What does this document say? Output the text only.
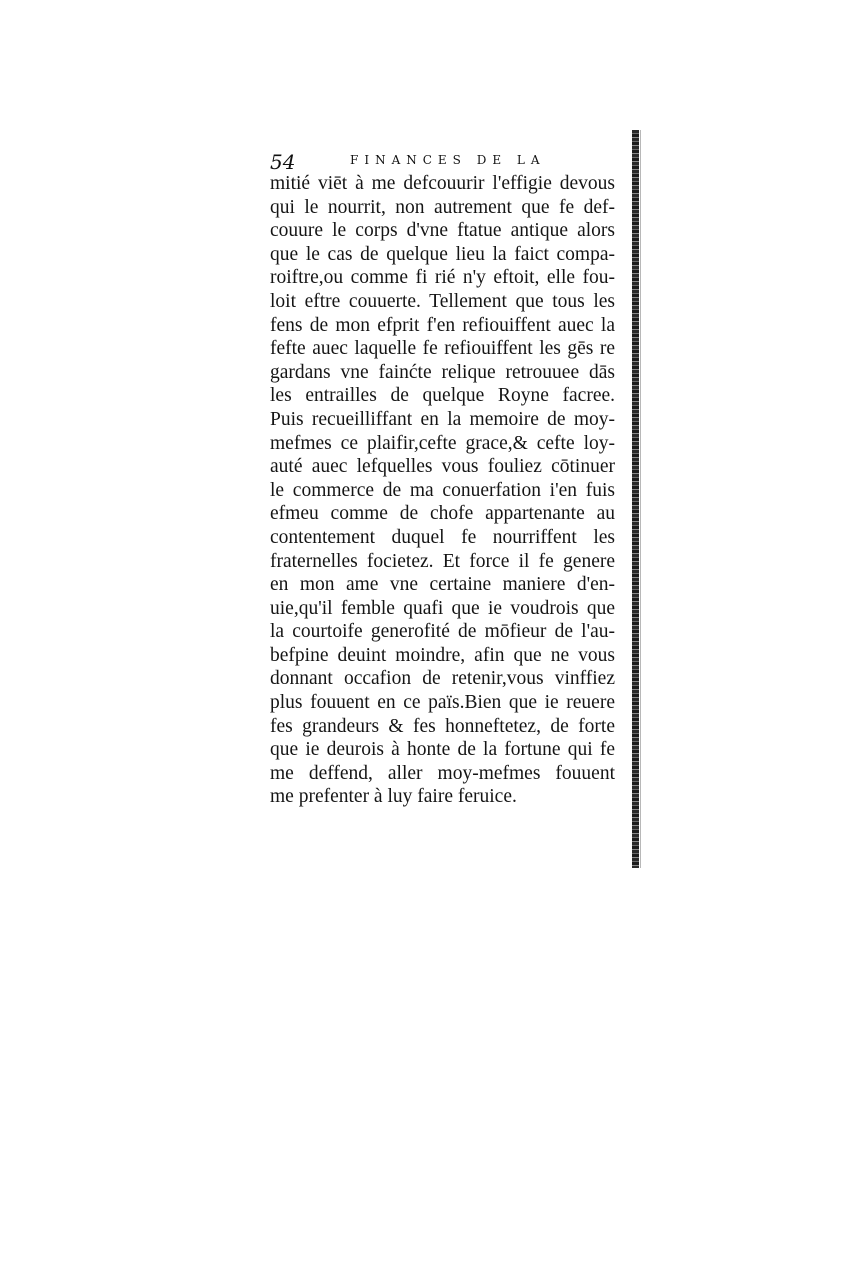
54	FINANCES DE LA
mitié viēt à me defcouurir l'effigie devous
qui le nourrit, non autrement que fe def-
couure le corps d'vne ftatue antique alors
que le cas de quelque lieu la faict compa-
roiftre,ou comme fi rié n'y eftoit, elle fou-
loit eftre couuerte. Tellement que tous les
fens de mon efprit f'en refiouiffent auec la
fefte auec laquelle fe refiouiffent les gēs re
gardans vne fainćte relique retrouuee dās
les entrailles de quelque Royne facree.
Puis recueilliffant en la memoire de moy-
mefmes ce plaifir,cefte grace,& cefte loy-
auté auec lefquelles vous fouliez cōtinuer
le commerce de ma conuerfation i'en fuis
efmeu comme de chofe appartenante au
contentement duquel fe nourriffent les
fraternelles focietez. Et force il fe genere
en mon ame vne certaine maniere d'en-
uie,qu'il femble quafi que ie voudrois que
la courtoife generofité de mōfieur de l'au-
befpine deuint moindre, afin que ne vous
donnant occafion de retenir,vous vinffiez
plus fouuent en ce païs.Bien que ie reuere
fes grandeurs & fes honneftetez, de forte
que ie deurois à honte de la fortune qui fe
me deffend, aller moy-mefmes fouuent
me prefenter à luy faire feruice.
